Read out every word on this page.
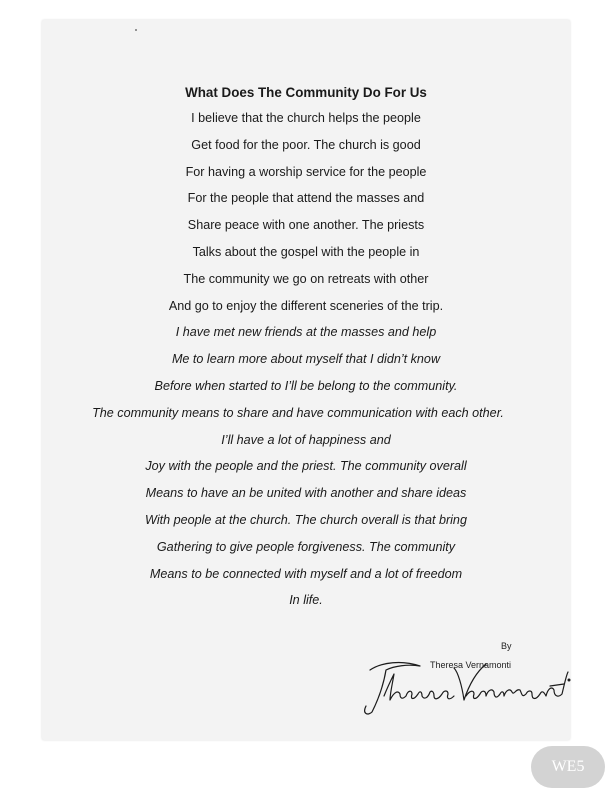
What Does The Community Do For Us
I believe that the church helps the people
Get food for the poor. The church is good
For having a worship service for the people
For the people that attend the masses and
Share peace with one another. The priests
Talks about the gospel with the people in
The community we go on retreats with other
And go to enjoy the different sceneries of the trip.
I have met new friends at the masses and help
Me to learn more about myself that I didn’t know
Before when started to I’ll be belong to the community.
The community means to share and have communication with each other.
I’ll have a lot of happiness and
Joy with the people and the priest. The community overall
Means to have an be united with another and share ideas
With people at the church. The church overall is that bring
Gathering to give people forgiveness. The community
Means to be connected with myself and a lot of freedom
In life.
By
Theresa Vernamonti
WE5
